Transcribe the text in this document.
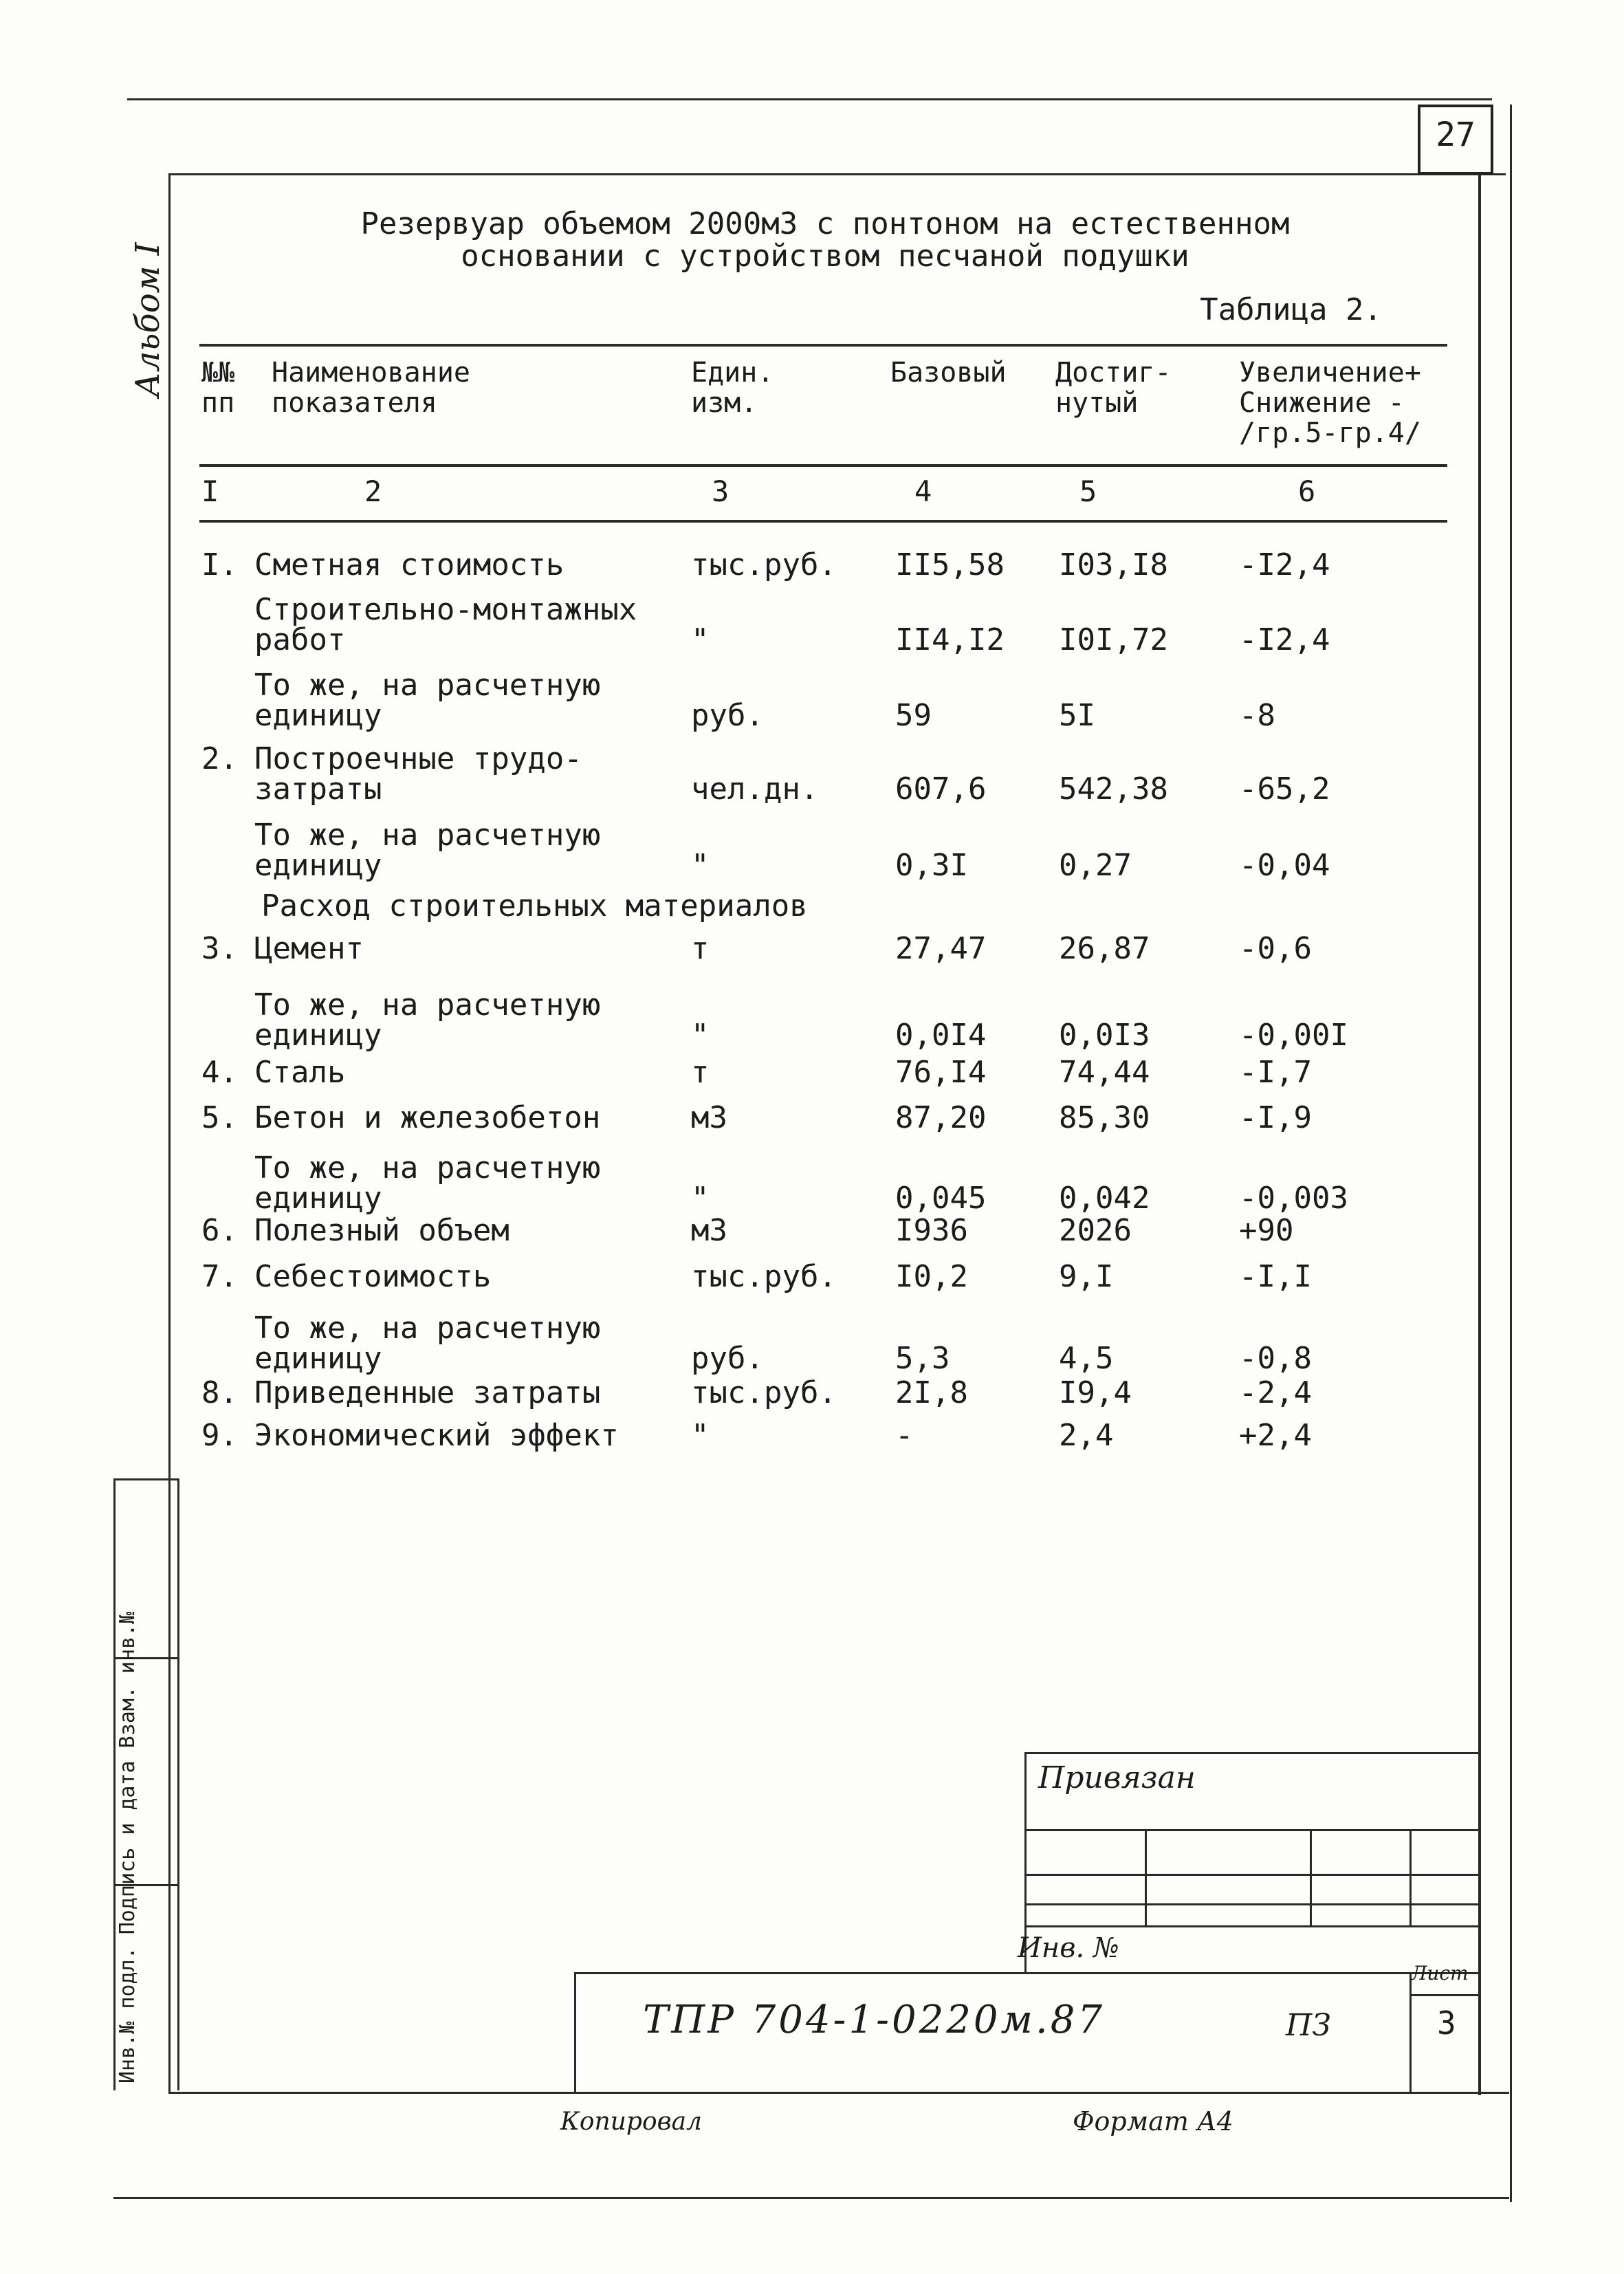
27
Альбом I
Резервуар объемом 2000м3 с понтоном на естественном
основании с устройством песчаной подушки
Таблица 2.
№№
пп
Наименование
показателя
Един.
изм.
Базовый Достиг-
нутый
Увеличение+
Снижение -
/гр.5-гр.4/
I	2	3	4	5	6
I. Сметная стоимость	тыс.руб. II5,58 I03,I8 -I2,4
Строительно-монтажных
работ	"	II4,I2 I0I,72 -I2,4
То же, на расчетную
единицу	руб.	59	5I	-8
2. Построечные трудо-
затраты	чел.дн.	607,6 542,38 -65,2
То же, на расчетную
единицу	"	0,3I	0,27	-0,04
Расход строительных материалов
3. Цемент	т	27,47 26,87	-0,6
То же, на расчетную
единицу	"	0,0I4 0,0I3	-0,00I
4. Сталь	т	76,I4 74,44	-I,7
5. Бетон и железобетон	м3	87,20 85,30	-I,9
То же, на расчетную
единицу	"	0,045 0,042	-0,003
6. Полезный объем	м3	I936	2026	+90
7. Себестоимость	тыс.руб. I0,2	9,I	-I,I
То же, на расчетную
единицу	руб.	5,3	4,5	-0,8
8. Приведенные затраты	тыс.руб. 2I,8	I9,4	-2,4
9. Экономический эффект "	-	2,4	+2,4
Привязан
Инв. №
Лист
3
ТПР 704-1-0220м.87	ПЗ
Копировал	Формат А4
Инв.№ подл. Подпись и дата Взам. инв.№
